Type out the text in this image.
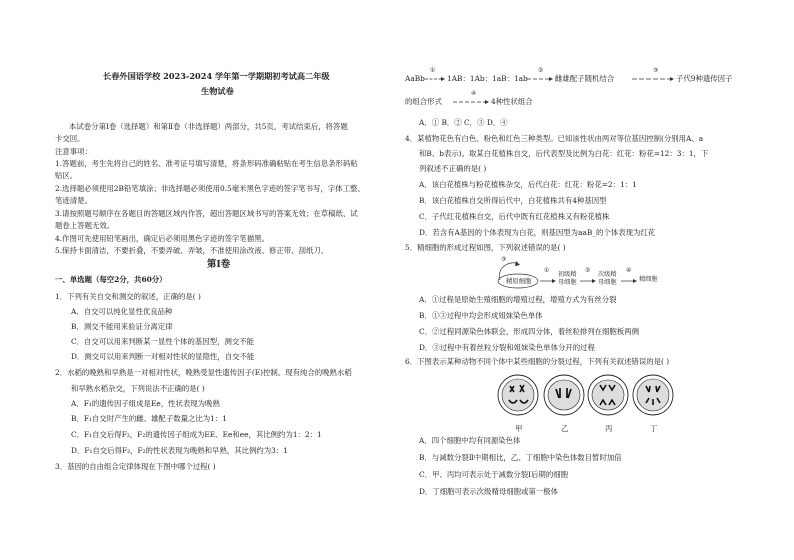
长春外国语学校 2023-2024 学年第一学期期初考试高二年级
生物试卷
本试卷分第Ⅰ卷（选择题）和第Ⅱ卷（非选择题）两部分，共5页。考试结束后，将答题
卡交回。
注意事项：
1.答题前，考生先将自己的姓名、准考证号填写清楚，将条形码准确粘贴在考生信息条形码粘
贴区。
2.选择题必须使用2B铅笔填涂；非选择题必须使用0.5毫米黑色字迹的签字笔书写，字体工整、
笔迹清楚。
3.请按照题号顺序在各题目的答题区域内作答，超出答题区域书写的答案无效；在草稿纸、试
题卷上答题无效。
4.作图可先使用铅笔画出，确定后必须用黑色字迹的签字笔描黑。
5.保持卡面清洁，不要折叠，不要弄破、弄皱，不准使用涂改液、修正带、刮纸刀。
第Ⅰ卷
一、单选题（每空2分，共60分）
1．下列有关自交和测交的叙述，正确的是( )
A．自交可以纯化显性优良品种
B．测交不能用来验证分离定律
C．自交可以用来判断某一显性个体的基因型，测交不能
D．测交可以用来判断一对相对性状的显隐性，自交不能
2．水稻的晚熟和早熟是一对相对性状，晚熟受显性遗传因子(E)控制。现有纯合的晚熟水稻
和早熟水稻杂交，下列说法不正确的是( )
A．F₁的遗传因子组成是Ee，性状表现为晚熟
B．F₁自交时产生的雌、雄配子数量之比为1：1
C．F₁自交后得F₂，F₂的遗传因子组成为EE、Ee和ee，其比例约为1：2：1
D．F₁自交后得F₂，F₂的性状表现为晚熟和早熟，其比例约为3：1
3．基因的自由组合定律体现在下图中哪个过程( )
AaBb
①
1AB：1Ab：1aB：1ab
②
雌雄配子随机结合
③
子代9种遗传因子
的组合形式
④
4种性状组合
A．① B．② C．③ D．④
4．某植物花色有白色、粉色和红色三种类型。已知该性状由两对等位基因控制(分别用A、a
和B、b表示)。取某白花植株自交，后代表型及比例为白花：红花：粉花=12：3：1，下
列叙述不正确的是( )
A．该白花植株与粉花植株杂交，后代白花：红花：粉花=2：1：1
B．该白花植株自交所得后代中，白花植株共有4种基因型
C．子代红花植株自交，后代中既有红花植株又有粉花植株
D．若含有A基因的个体表现为白花，则基因型为aaB_的个体表现为红花
5．精细胞的形成过程如图，下列叙述错误的是( )
③
精原细胞
① 初级精
母细胞
② 次级精
母细胞
④
精细胞
A．①过程是原始生殖细胞的增殖过程，增殖方式为有丝分裂
B．①③过程中均会形成姐妹染色单体
C．②过程同源染色体联会，形成四分体，着丝粒排列在细胞板两侧
D．③过程中有着丝粒分裂和姐妹染色单体分开的过程
6．下图表示某种动物不同个体中某些细胞的分裂过程，下列有关叙述错误的是( )
甲	乙	丙	丁
A．四个细胞中均有同源染色体
B．与减数分裂Ⅱ中期相比，乙、丁细胞中染色体数目暂时加倍
C．甲、丙均可表示处于减数分裂Ⅰ后期的细胞
D．丁细胞可表示次级精母细胞或第一极体
